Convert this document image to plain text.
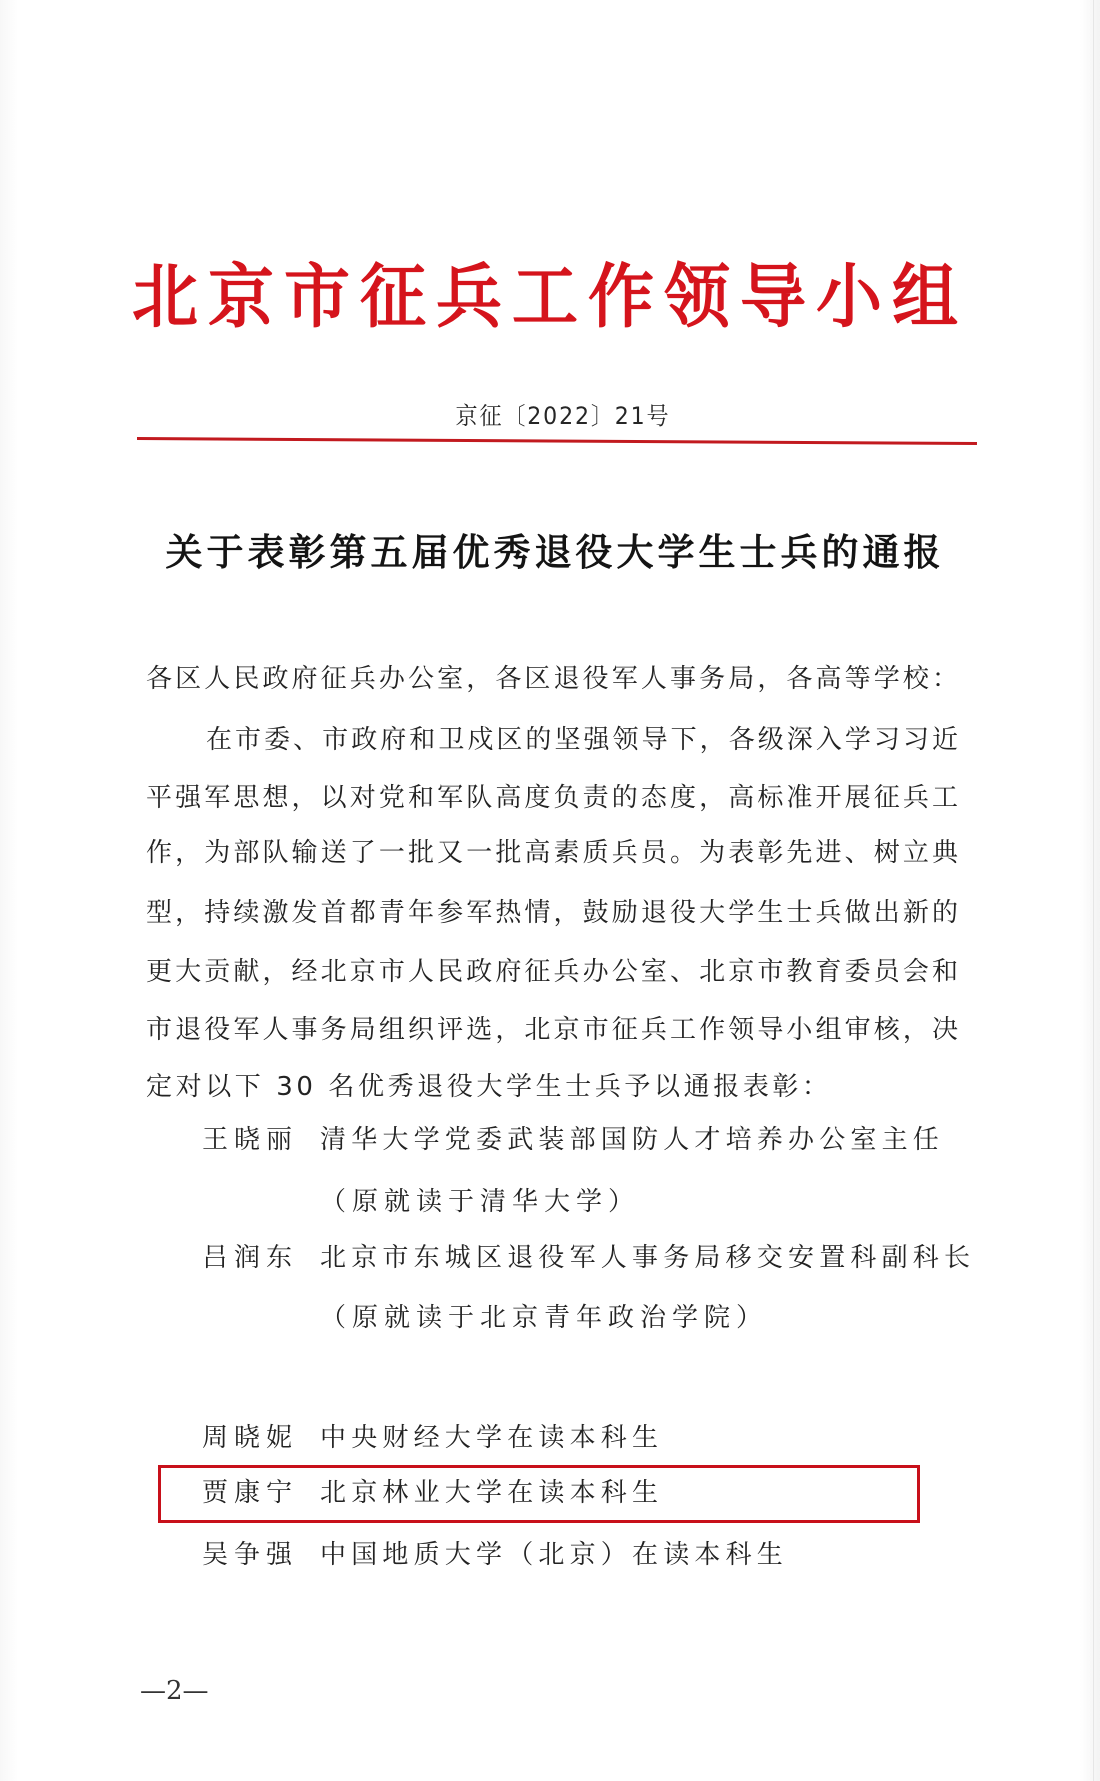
北京市征兵工作领导小组
京征〔2022〕21号
关于表彰第五届优秀退役大学生士兵的通报
各区人民政府征兵办公室，各区退役军人事务局，各高等学校：
在市委、市政府和卫戍区的坚强领导下，各级深入学习习近
平强军思想，以对党和军队高度负责的态度，高标准开展征兵工
作，为部队输送了一批又一批高素质兵员。为表彰先进、树立典
型，持续激发首都青年参军热情，鼓励退役大学生士兵做出新的
更大贡献，经北京市人民政府征兵办公室、北京市教育委员会和
市退役军人事务局组织评选，北京市征兵工作领导小组审核，决
定对以下 30 名优秀退役大学生士兵予以通报表彰：
王晓丽 清华大学党委武装部国防人才培养办公室主任
（原就读于清华大学）
吕润东 北京市东城区退役军人事务局移交安置科副科长
（原就读于北京青年政治学院）
周晓妮 中央财经大学在读本科生
贾康宁 北京林业大学在读本科生
吴争强 中国地质大学（北京）在读本科生
—2—
